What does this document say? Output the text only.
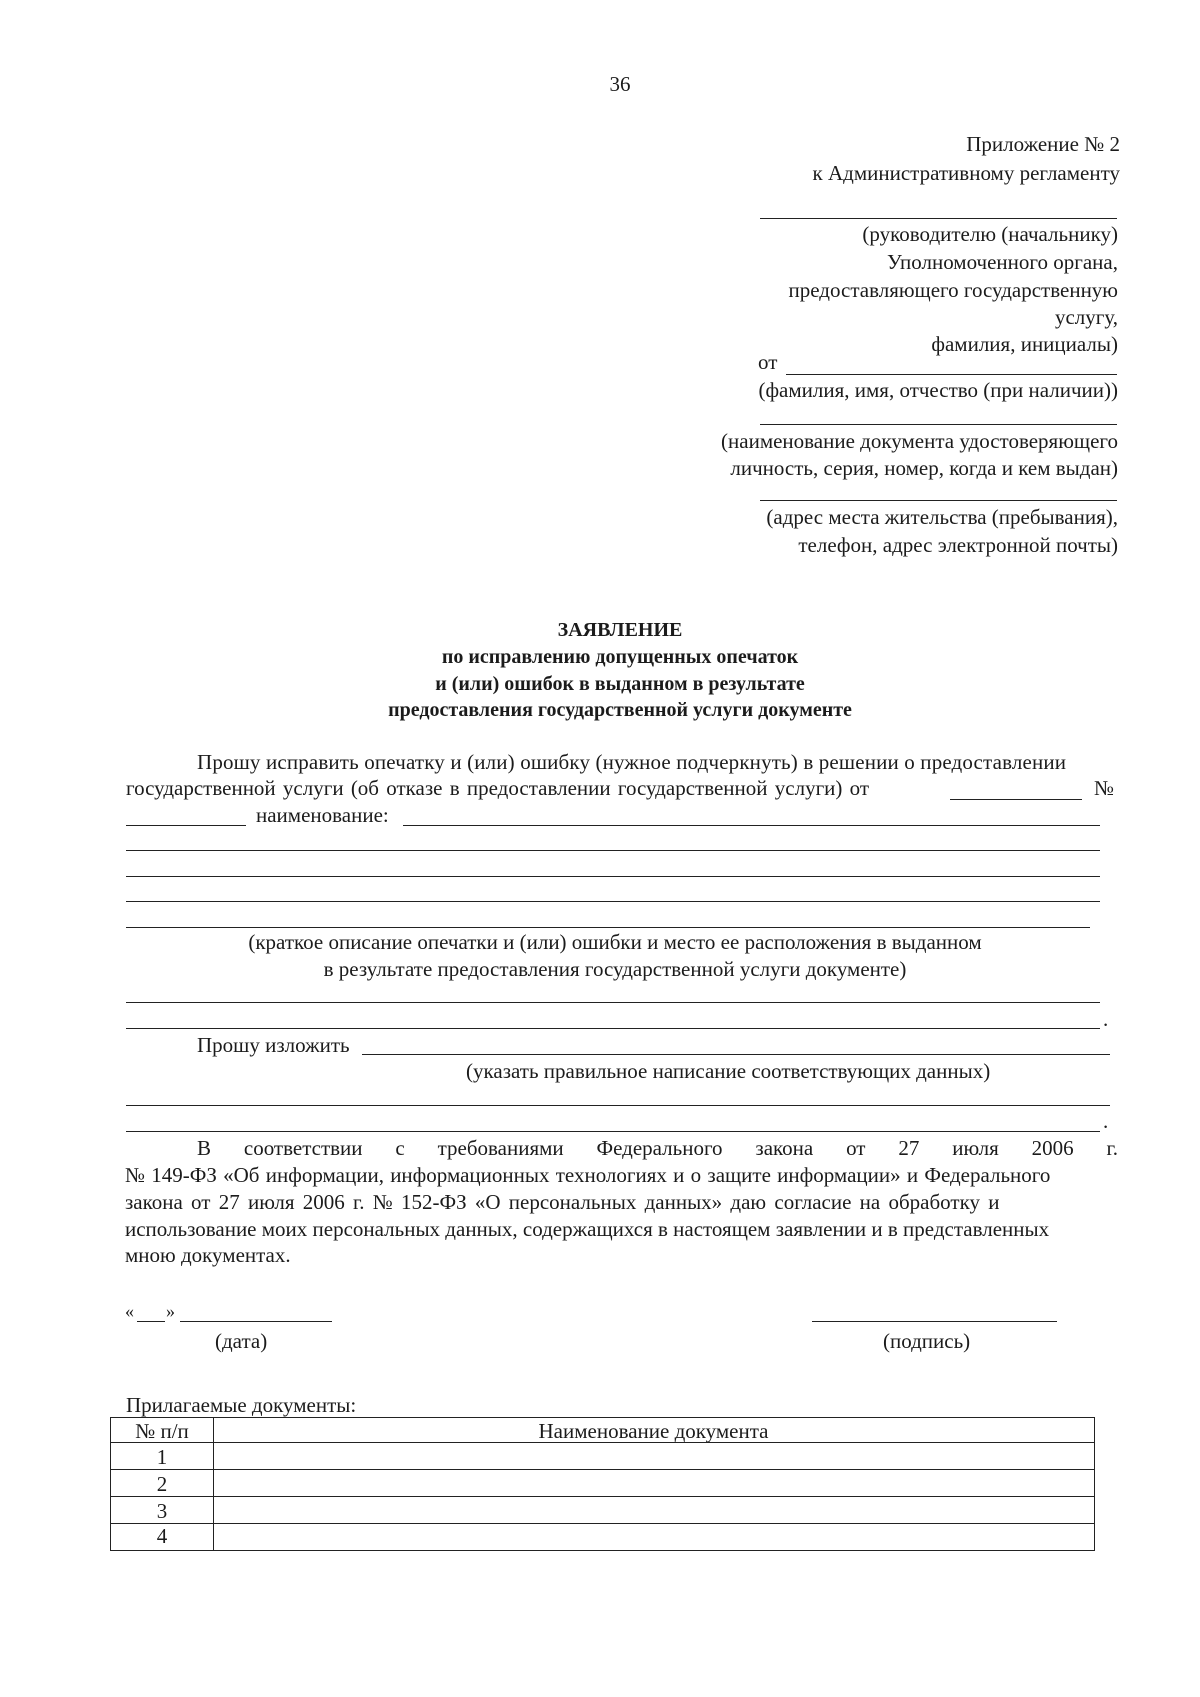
36
Приложение № 2
к Административному регламенту
(руководителю (начальнику)
Уполномоченного органа,
предоставляющего государственную
услугу,
фамилия, инициалы)
от
(фамилия, имя, отчество (при наличии))
(наименование документа удостоверяющего
личность, серия, номер, когда и кем выдан)
(адрес места жительства (пребывания),
телефон, адрес электронной почты)
ЗАЯВЛЕНИЕ
по исправлению допущенных опечаток
и (или) ошибок в выданном в результате
предоставления государственной услуги документе
Прошу исправить опечатку и (или) ошибку (нужное подчеркнуть) в решении о предоставлении
государственной услуги (об отказе в предоставлении государственной услуги) от	№
наименование:
(краткое описание опечатки и (или) ошибки и место ее расположения в выданном
в результате предоставления государственной услуги документе)
.
Прошу изложить
(указать правильное написание соответствующих данных)
.
В соответствии с требованиями Федерального закона от 27 июля 2006 г.
№ 149-ФЗ «Об информации, информационных технологиях и о защите информации» и Федерального
закона от 27 июля 2006 г. № 152-ФЗ «О персональных данных» даю согласие на обработку и
использование моих персональных данных, содержащихся в настоящем заявлении и в представленных
мною документах.
« »
(дата)	(подпись)
Прилагаемые документы:
№ п/п	Наименование документа
1
2
3
4
